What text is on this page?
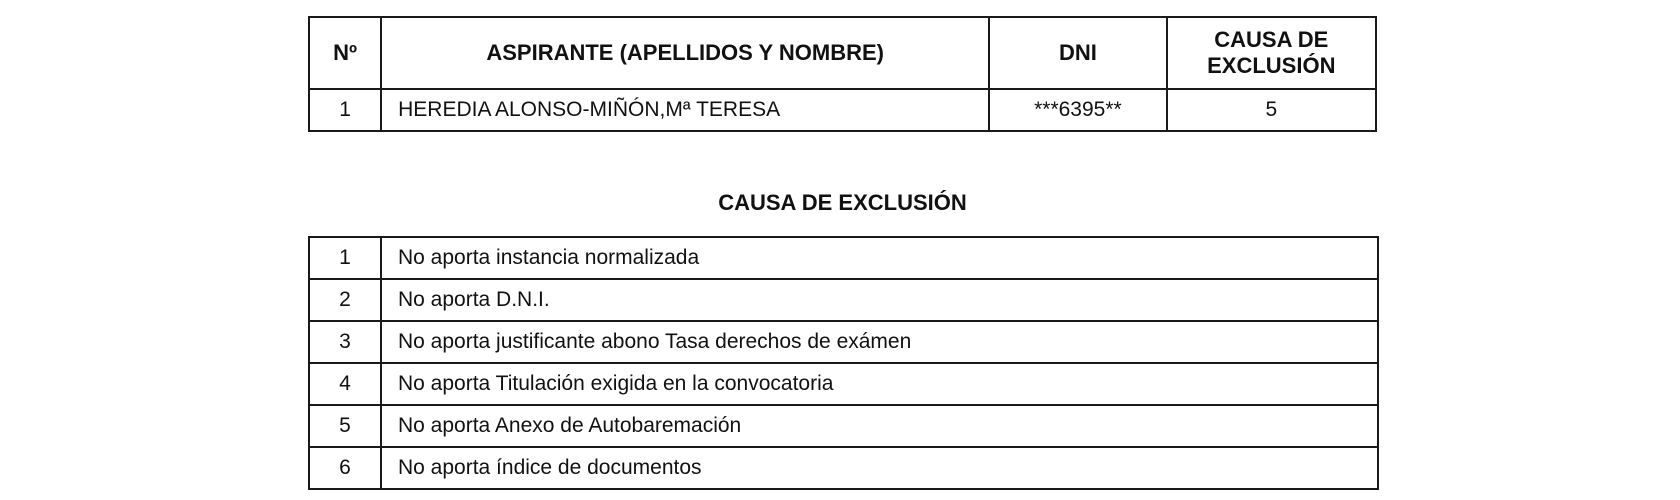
Nº	ASPIRANTE (APELLIDOS Y NOMBRE)	DNI	CAUSA DE
EXCLUSIÓN
1	HEREDIA ALONSO-MIÑÓN,Mª TERESA	***6395**	5
CAUSA DE EXCLUSIÓN
1	No aporta instancia normalizada
2	No aporta D.N.I.
3	No aporta justificante abono Tasa derechos de exámen
4	No aporta Titulación exigida en la convocatoria
5	No aporta Anexo de Autobaremación
6	No aporta índice de documentos
